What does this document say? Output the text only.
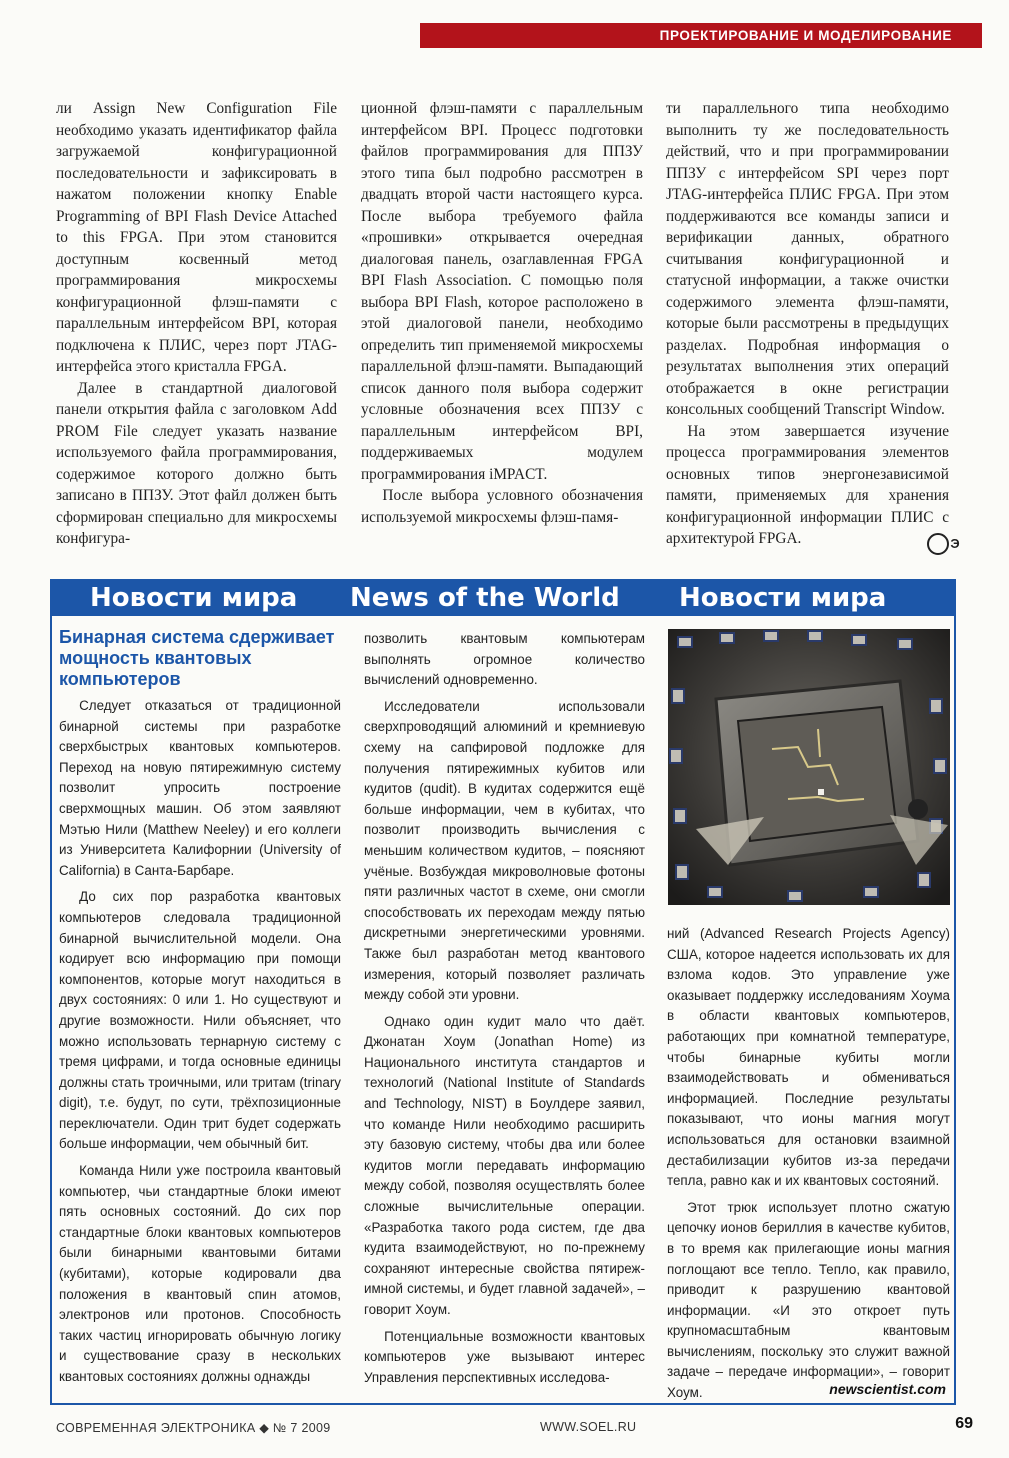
ПРОЕКТИРОВАНИЕ И МОДЕЛИРОВАНИЕ

ли Assign New Configuration File необходимо указать идентификатор файла загружаемой конфигурационной последовательности и зафиксировать в нажатом положении кнопку Enable Programming of BPI Flash Device Attached to this FPGA. При этом становится доступным косвенный метод программирования микросхемы конфигурационной флэш-памяти с параллельным интерфейсом BPI, которая подключена к ПЛИС, через порт JTAG-интерфейса этого кристалла FPGA.

Далее в стандартной диалоговой панели открытия файла с заголовком Add PROM File следует указать название используемого файла программирования, содержимое которого должно быть записано в ППЗУ. Этот файл должен быть сформирован специально для микросхемы конфигура-

ционной флэш-памяти с параллельным интерфейсом BPI. Процесс подготовки файлов программирования для ППЗУ этого типа был подробно рассмотрен в двадцать второй части настоящего курса. После выбора требуемого файла «прошивки» открывается очередная диалоговая панель, озаглавленная FPGA BPI Flash Association. С помощью поля выбора BPI Flash, которое расположено в этой диалоговой панели, необходимо определить тип применяемой микросхемы параллельной флэш-памяти. Выпадающий список данного поля выбора содержит условные обозначения всех ППЗУ с параллельным интерфейсом BPI, поддерживаемых модулем программирования iMPACT.

После выбора условного обозначения используемой микросхемы флэш-памя-

ти параллельного типа необходимо выполнить ту же последовательность действий, что и при программировании ППЗУ с интерфейсом SPI через порт JTAG-интерфейса ПЛИС FPGA. При этом поддерживаются все команды записи и верификации данных, обратного считывания конфигурационной и статусной информации, а также очистки содержимого элемента флэш-памяти, которые были рассмотрены в предыдущих разделах. Подробная информация о результатах выполнения этих операций отображается в окне регистрации консольных сообщений Transcript Window.

На этом завершается изучение процесса программирования элементов основных типов энергонезависимой памяти, применяемых для хранения конфигурационной информации ПЛИС с архитектурой FPGA.	Э

Новости мира News of the World Новости мира
Бинарная система сдерживает мощность квантовых компьютеров

Следует отказаться от традиционной бинарной системы при разработке сверхбыстрых квантовых компьютеров. Переход на новую пятирежимную систему позволит упросить построение сверхмощных машин. Об этом заявляют Мэтью Нили (Matthew Neeley) и его коллеги из Университета Калифорнии (University of California) в Санта-Барбаре.

До сих пор разработка квантовых компьютеров следовала традиционной бинарной вычислительной модели. Она кодирует всю информацию при помощи компонентов, которые могут находиться в двух состояниях: 0 или 1. Но существуют и другие возможности. Нили объясняет, что можно использовать тернарную систему с тремя цифрами, и тогда основные единицы должны стать троичными, или тритам (trinary digit), т.е. будут, по сути, трёхпозиционные переключатели. Один трит будет содержать больше информации, чем обычный бит.

Команда Нили уже построила квантовый компьютер, чьи стандартные блоки имеют пять основных состояний. До сих пор стандартные блоки квантовых компьютеров были бинарными квантовыми битами (кубитами), которые кодировали два положения в квантовый спин атомов, электронов или протонов. Способность таких частиц игнорировать обычную логику и существование сразу в нескольких квантовых состояниях должны однажды

позволить квантовым компьютерам выполнять огромное количество вычислений одновременно.

Исследователи использовали сверхпроводящий алюминий и кремниевую схему на сапфировой подложке для получения пятирежимных кубитов или кудитов (qudit). В кудитах содержится ещё больше информации, чем в кубитах, что позволит производить вычисления с меньшим количеством кудитов, – поясняют учёные. Возбуждая микроволновые фотоны пяти различных частот в схеме, они смогли способствовать их переходам между пятью дискретными энергетическими уровнями. Также был разработан метод квантового измерения, который позволяет различать между собой эти уровни.

Однако один кудит мало что даёт. Джонатан Хоум (Jonathan Home) из Национального института стандартов и технологий (National Institute of Standards and Technology, NIST) в Боулдере заявил, что команде Нили необходимо расширить эту базовую систему, чтобы два или более кудитов могли передавать информацию между собой, позволяя осуществлять более сложные вычислительные операции. «Разработка такого рода систем, где два кудита взаимодействуют, но по-прежнему сохраняют интересные свойства пятирежимной системы, и будет главной задачей», – говорит Хоум.

Потенциальные возможности квантовых компьютеров уже вызывают интерес Управления перспективных исследова-

ний (Advanced Research Projects Agency) США, которое надеется использовать их для взлома кодов. Это управление уже оказывает поддержку исследованиям Хоума в области квантовых компьютеров, работающих при комнатной температуре, чтобы бинарные кубиты могли взаимодействовать и обмениваться информацией. Последние результаты показывают, что ионы магния могут использоваться для остановки взаимной дестабилизации кубитов из-за передачи тепла, равно как и их квантовых состояний.

Этот трюк использует плотно сжатую цепочку ионов бериллия в качестве кубитов, в то время как прилегающие ионы магния поглощают все тепло. Тепло, как правило, приводит к разрушению квантовой информации. «И это откроет путь крупномасштабным квантовым вычислениям, поскольку это служит важной задаче – передаче информации», – говорит Хоум.	newscientist.com
СОВРЕМЕННАЯ ЭЛЕКТРОНИКА ◆ № 7 2009	WWW.SOEL.RU	69
